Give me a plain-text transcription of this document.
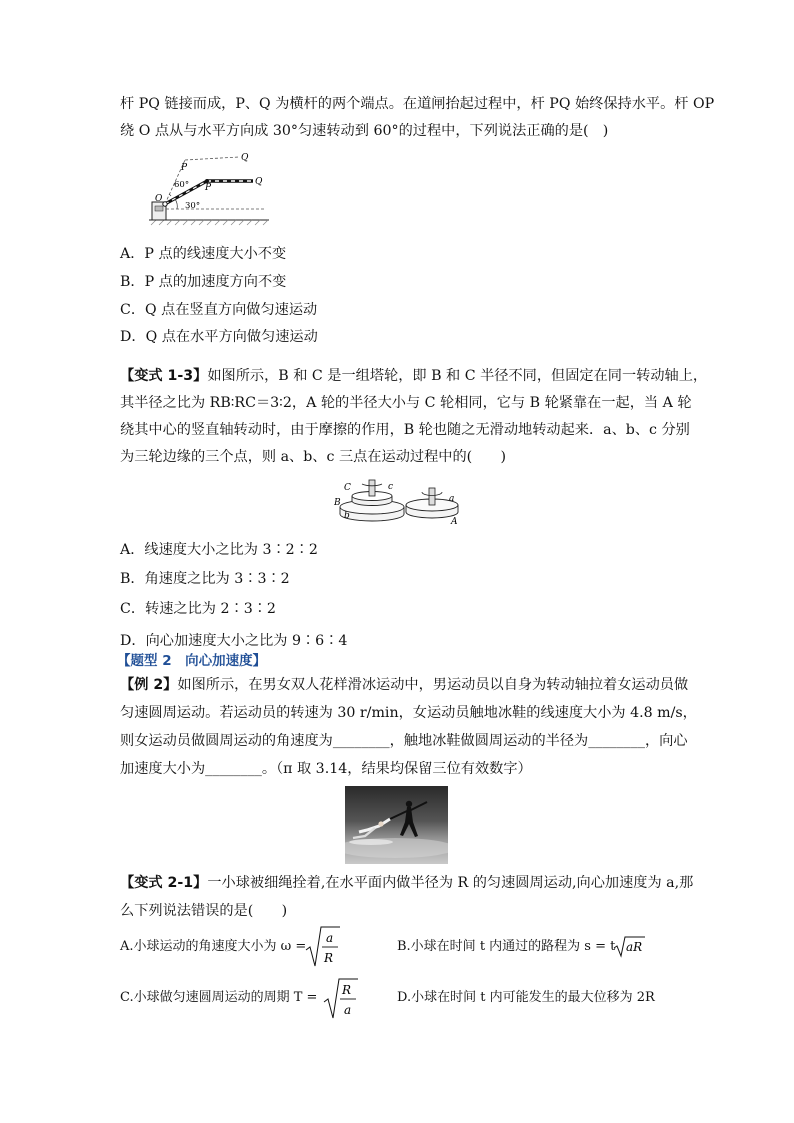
杆 PQ 链接而成，P、Q 为横杆的两个端点。在道闸抬起过程中，杆 PQ 始终保持水平。杆 OP
绕 O 点从与水平方向成 30°匀速转动到 60°的过程中，下列说法正确的是(　)
Q
P
Q
P
O
60°
30°
A．P 点的线速度大小不变
B．P 点的加速度方向不变
C．Q 点在竖直方向做匀速运动
D．Q 点在水平方向做匀速运动
【变式 1-3】如图所示，B 和 C 是一组塔轮，即 B 和 C 半径不同，但固定在同一转动轴上，
其半径之比为 RB∶RC＝3∶2，A 轮的半径大小与 C 轮相同，它与 B 轮紧靠在一起，当 A 轮
绕其中心的竖直轴转动时，由于摩擦的作用，B 轮也随之无滑动地转动起来．a、b、c 分别
为三轮边缘的三个点，则 a、b、c 三点在运动过程中的(　　)
C	c
B
b
a
A
A．线速度大小之比为 3∶2∶2
B．角速度之比为 3∶3∶2
C．转速之比为 2∶3∶2
D．向心加速度大小之比为 9∶6∶4
【题型 2　向心加速度】
【例 2】如图所示，在男女双人花样滑冰运动中，男运动员以自身为转动轴拉着女运动员做
匀速圆周运动。若运动员的转速为 30 r/min，女运动员触地冰鞋的线速度大小为 4.8 m/s，
则女运动员做圆周运动的角速度为________，触地冰鞋做圆周运动的半径为________，向心
加速度大小为________。（π 取 3.14，结果均保留三位有效数字）
【变式 2-1】一小球被细绳拴着,在水平面内做半径为 R 的匀速圆周运动,向心加速度为 a,那
么下列说法错误的是(　　)
A.小球运动的角速度大小为 ω =
a
R
B.小球在时间 t 内通过的路程为 s = t aR
C.小球做匀速圆周运动的周期 T = R
a
D.小球在时间 t 内可能发生的最大位移为 2R
